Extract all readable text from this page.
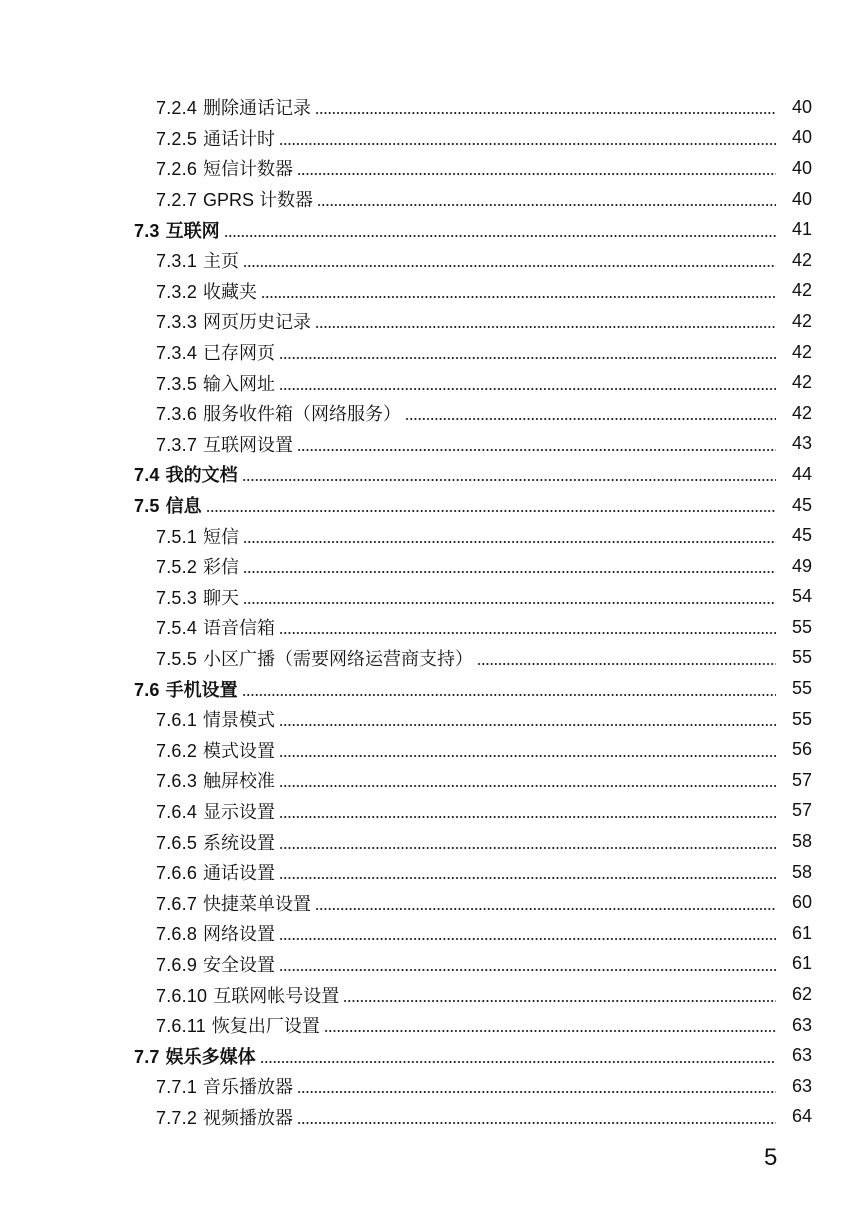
7.2.4 删除通话记录	40
7.2.5 通话计时	40
7.2.6 短信计数器	40
7.2.7 GPRS 计数器	40
7.3 互联网	41
7.3.1 主页	42
7.3.2 收藏夹	42
7.3.3 网页历史记录	42
7.3.4 已存网页	42
7.3.5 输入网址	42
7.3.6 服务收件箱（网络服务）	42
7.3.7 互联网设置	43
7.4 我的文档	44
7.5 信息	45
7.5.1 短信	45
7.5.2 彩信	49
7.5.3 聊天	54
7.5.4 语音信箱	55
7.5.5 小区广播（需要网络运营商支持）	55
7.6 手机设置	55
7.6.1 情景模式	55
7.6.2 模式设置	56
7.6.3 触屏校准	57
7.6.4 显示设置	57
7.6.5 系统设置	58
7.6.6 通话设置	58
7.6.7 快捷菜单设置	60
7.6.8 网络设置	61
7.6.9 安全设置	61
7.6.10 互联网帐号设置	62
7.6.11 恢复出厂设置	63
7.7 娱乐多媒体	63
7.7.1 音乐播放器	63
7.7.2 视频播放器	64
5
